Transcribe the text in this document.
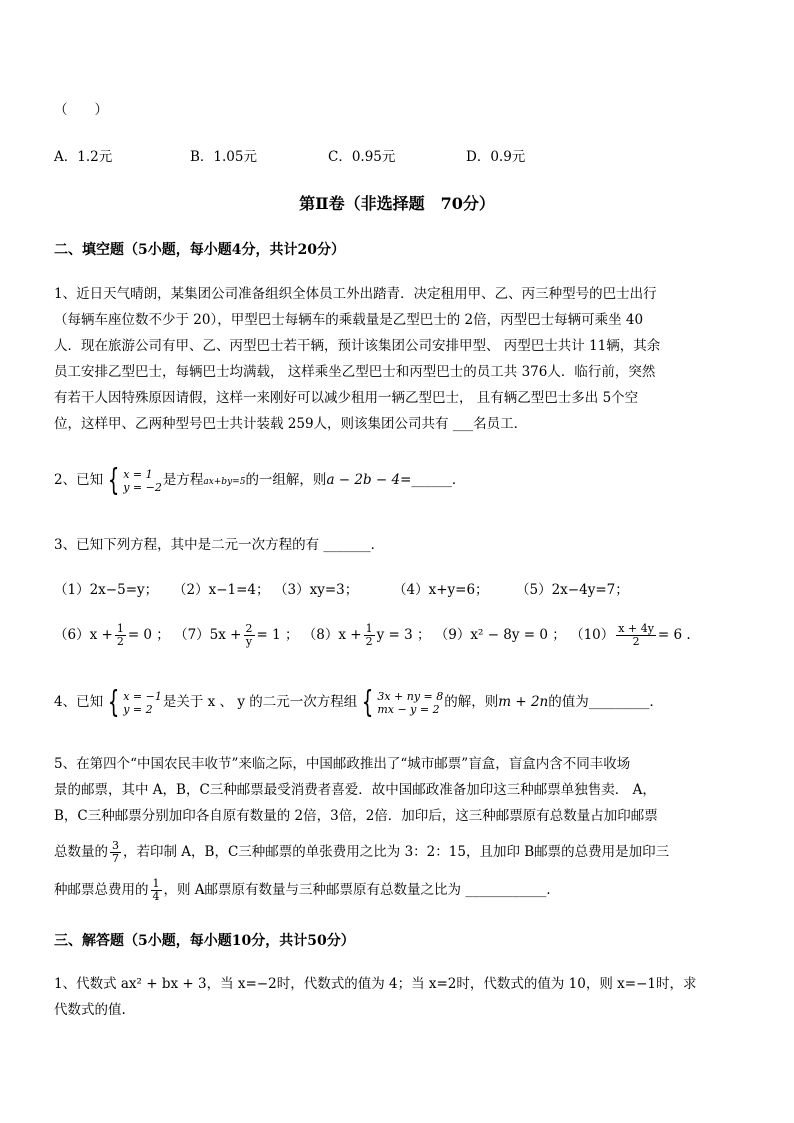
（　　）
A．1.2元	B．1.05元	C．0.95元	D．0.9元
第Ⅱ卷（非选择题　70分）
二、填空题（5小题，每小题4分，共计20分）
1、近日天气晴朗，某集团公司准备组织全体员工外出踏青．决定租用甲、乙、丙三种型号的巴士出行
（每辆车座位数不少于 20），甲型巴士每辆车的乘载量是乙型巴士的 2倍，丙型巴士每辆可乘坐 40
人．现在旅游公司有甲、乙、丙型巴士若干辆，预计该集团公司安排甲型、 丙型巴士共计 11辆，其余
员工安排乙型巴士，每辆巴士均满载， 这样乘坐乙型巴士和丙型巴士的员工共 376人．临行前，突然
有若干人因特殊原因请假，这样一来刚好可以减少租用一辆乙型巴士， 且有辆乙型巴士多出 5个空
位，这样甲、乙两种型号巴士共计装载 259人，则该集团公司共有 ___名员工．
2、已知 { x = 1
y = −2 是方程ax+by=5的一组解，则a − 2b − 4=______．
3、已知下列方程，其中是二元一次方程的有 _______．
（1）2x−5=y； （2）x−1=4； （3）xy=3；	（4）x+y=6； （5）2x−4y=7；
$(6)x + \frac{1}{2} = 0$ ； $(7)5x + \frac{2}{y} = 1$ ； $(8)x + \frac{1}{2}$ y = 3 ； （9）x² − 8y = 0 ； $(10) \frac{x + 4y}{2} = 6$ .
4、已知 { x = −1
y = 2 是关于 x 、 y 的二元一次方程组 { 3x + ny = 8
mx − y = 2 的解，则m + 2n的值为_________．
5、在第四个“中国农民丰收节”来临之际，中国邮政推出了“城市邮票”盲盒，盲盒内含不同丰收场
景的邮票，其中 A，B，C三种邮票最受消费者喜爱．故中国邮政准备加印这三种邮票单独售卖． A，
B，C三种邮票分别加印各自原有数量的 2倍，3倍，2倍．加印后，这三种邮票原有总数量占加印邮票
总数量的 $\frac{3}{7}$ ，若印制 A，B，C三种邮票的单张费用之比为 3：2：15，且加印 B邮票的总费用是加印三
种邮票总费用的 $\frac{1}{4}$ ，则 A邮票原有数量与三种邮票原有总数量之比为 ____________．
三、解答题（5小题，每小题10分，共计50分）
1、代数式 ax² + bx + 3，当 x=−2时，代数式的值为 4；当 x=2时，代数式的值为 10，则 x=−1时，求
代数式的值.
